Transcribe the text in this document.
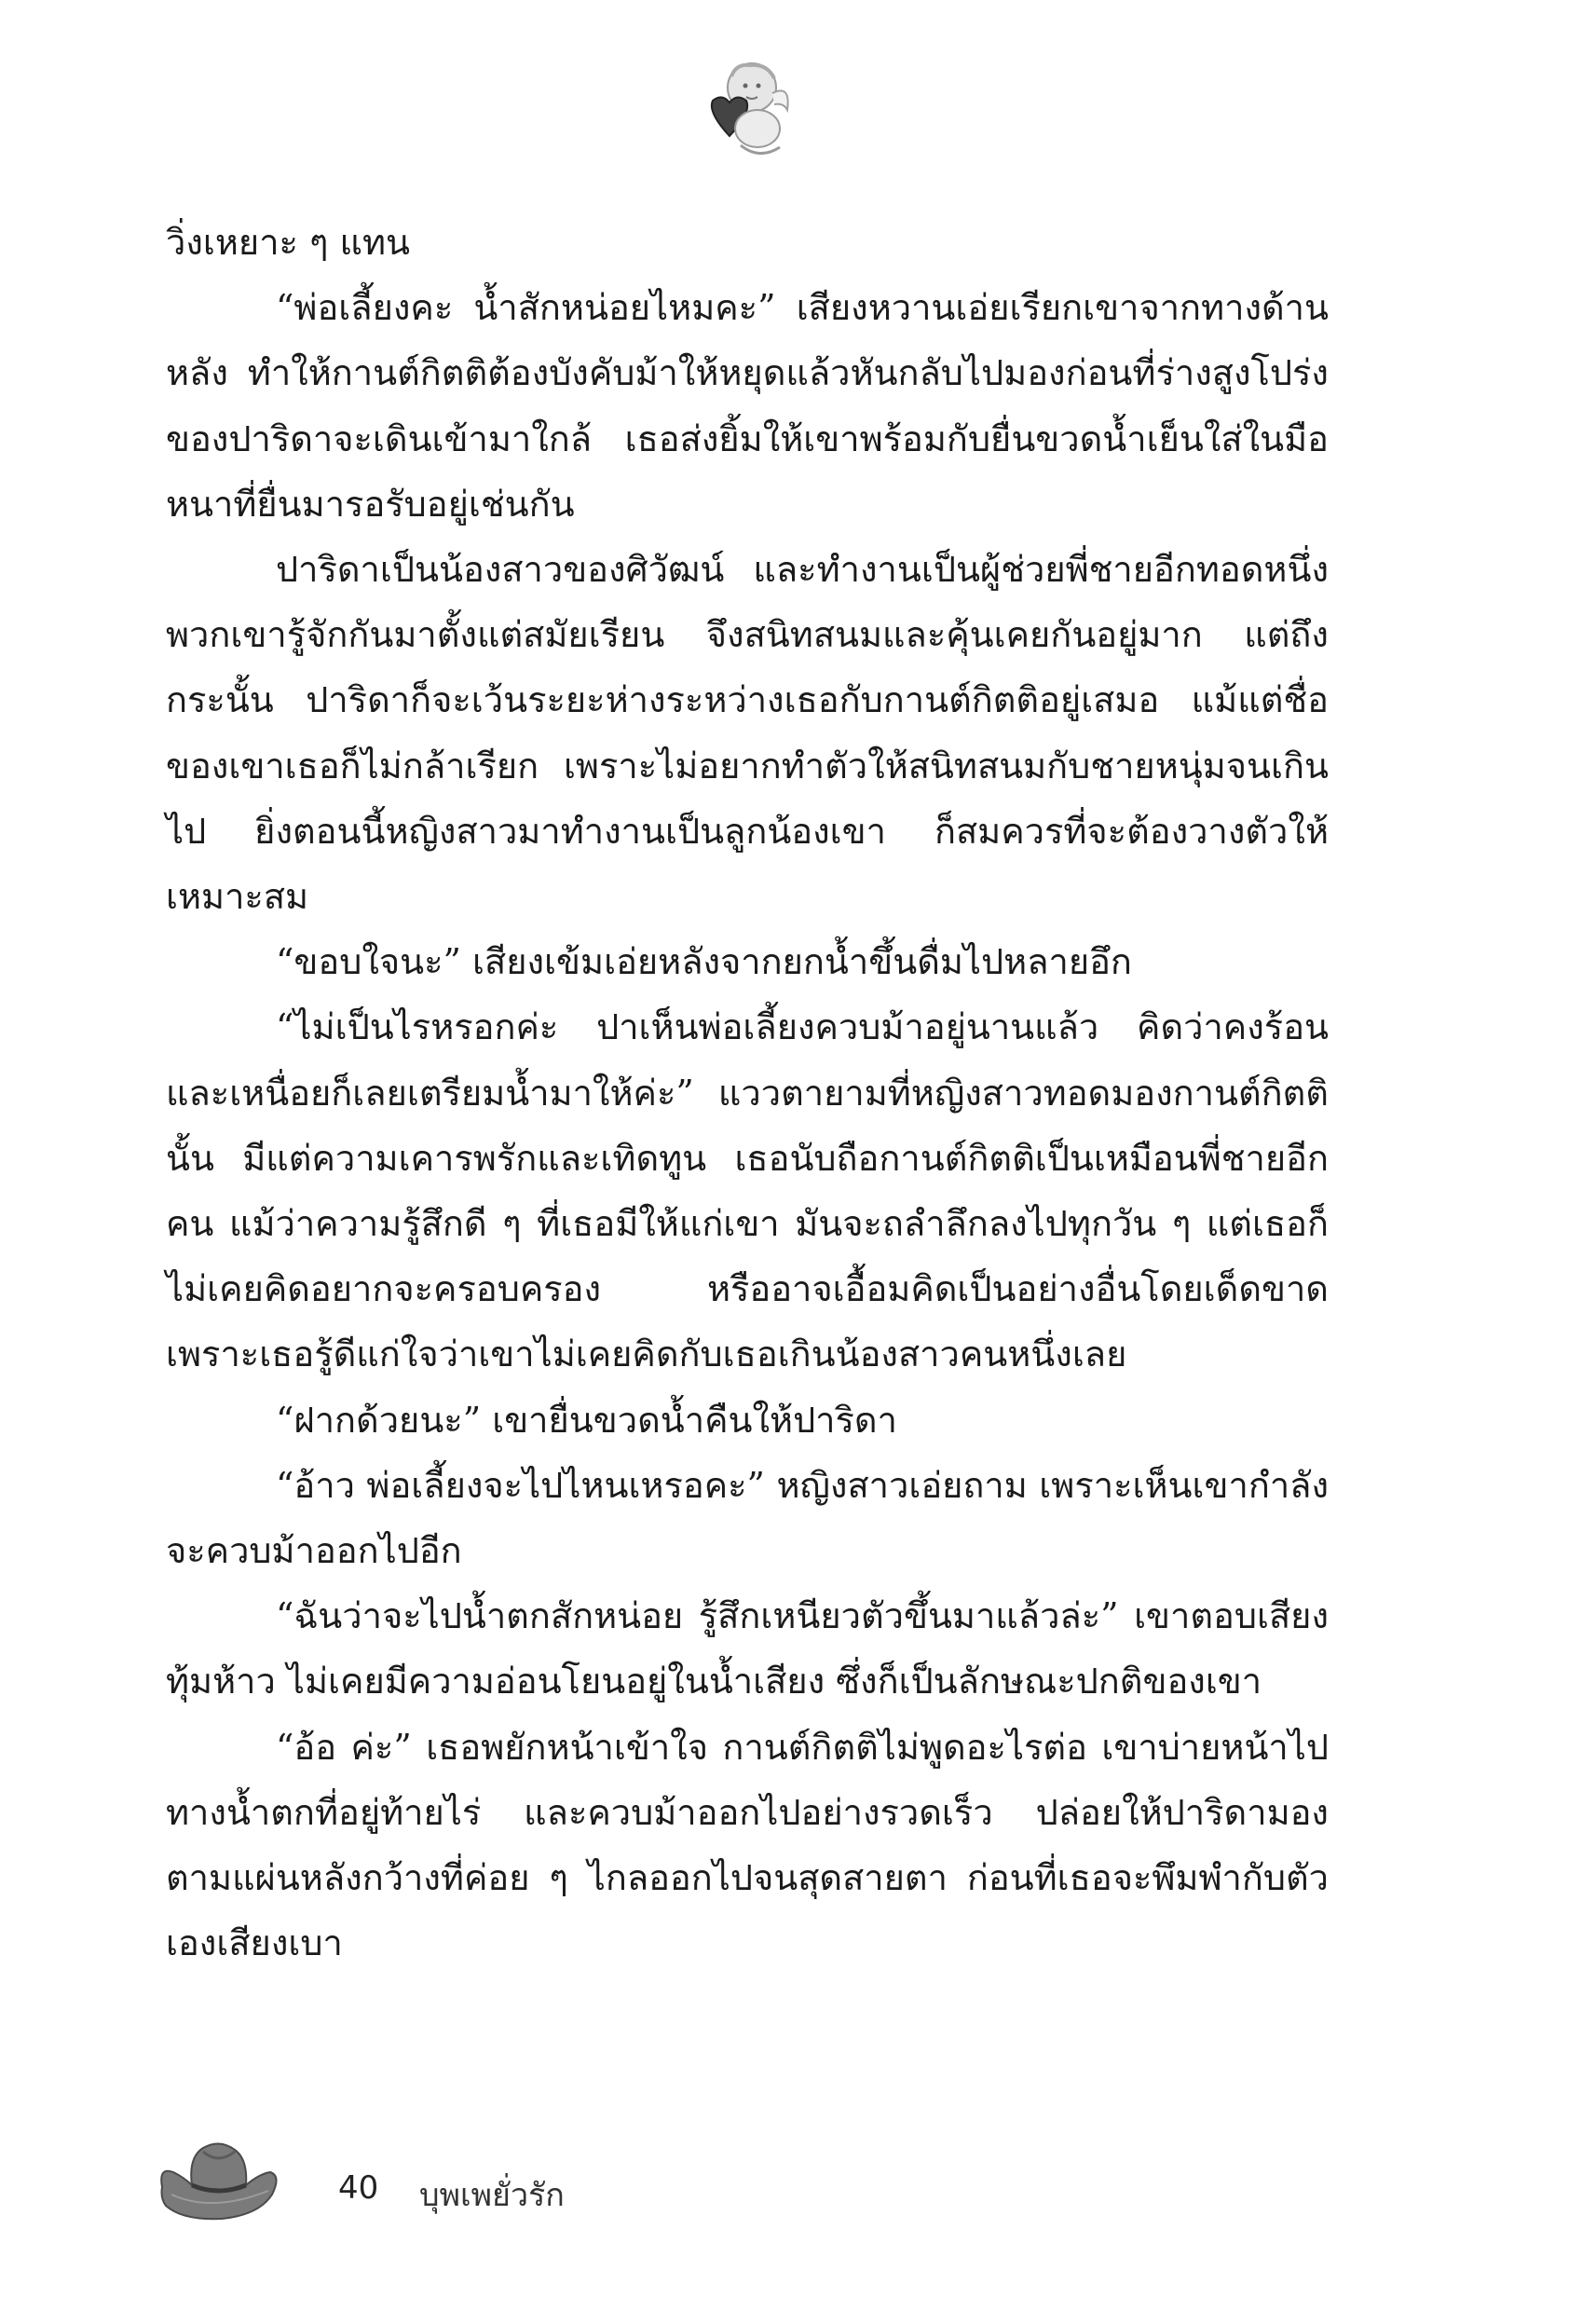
วิ่งเหยาะ ๆ แทน

“พ่อเลี้ยงคะ น้ำสักหน่อยไหมคะ” เสียงหวานเอ่ยเรียกเขาจากทางด้านหลัง ทำให้กานต์กิตติต้องบังคับม้าให้หยุดแล้วหันกลับไปมองก่อนที่ร่างสูงโปร่งของปาริดาจะเดินเข้ามาใกล้ เธอส่งยิ้มให้เขาพร้อมกับยื่นขวดน้ำเย็นใส่ในมือหนาที่ยื่นมารอรับอยู่เช่นกัน

ปาริดาเป็นน้องสาวของศิวัฒน์ และทำงานเป็นผู้ช่วยพี่ชายอีกทอดหนึ่ง พวกเขารู้จักกันมาตั้งแต่สมัยเรียน จึงสนิทสนมและคุ้นเคยกันอยู่มาก แต่ถึงกระนั้น ปาริดาก็จะเว้นระยะห่างระหว่างเธอกับกานต์กิตติอยู่เสมอ แม้แต่ชื่อของเขาเธอก็ไม่กล้าเรียก เพราะไม่อยากทำตัวให้สนิทสนมกับชายหนุ่มจนเกินไป ยิ่งตอนนี้หญิงสาวมาทำงานเป็นลูกน้องเขา ก็สมควรที่จะต้องวางตัวให้เหมาะสม

“ขอบใจนะ” เสียงเข้มเอ่ยหลังจากยกน้ำขึ้นดื่มไปหลายอึก

“ไม่เป็นไรหรอกค่ะ ปาเห็นพ่อเลี้ยงควบม้าอยู่นานแล้ว คิดว่าคงร้อนและเหนื่อยก็เลยเตรียมน้ำมาให้ค่ะ” แววตายามที่หญิงสาวทอดมองกานต์กิตตินั้น มีแต่ความเคารพรักและเทิดทูน เธอนับถือกานต์กิตติเป็นเหมือนพี่ชายอีกคน แม้ว่าความรู้สึกดี ๆ ที่เธอมีให้แก่เขา มันจะถลำลึกลงไปทุกวัน ๆ แต่เธอก็ไม่เคยคิดอยากจะครอบครอง หรืออาจเอื้อมคิดเป็นอย่างอื่นโดยเด็ดขาด เพราะเธอรู้ดีแก่ใจว่าเขาไม่เคยคิดกับเธอเกินน้องสาวคนหนึ่งเลย

“ฝากด้วยนะ” เขายื่นขวดน้ำคืนให้ปาริดา

“อ้าว พ่อเลี้ยงจะไปไหนเหรอคะ” หญิงสาวเอ่ยถาม เพราะเห็นเขากำลังจะควบม้าออกไปอีก

“ฉันว่าจะไปน้ำตกสักหน่อย รู้สึกเหนียวตัวขึ้นมาแล้วล่ะ” เขาตอบเสียงทุ้มห้าว ไม่เคยมีความอ่อนโยนอยู่ในน้ำเสียง ซึ่งก็เป็นลักษณะปกติของเขา

“อ้อ ค่ะ” เธอพยักหน้าเข้าใจ กานต์กิตติไม่พูดอะไรต่อ เขาบ่ายหน้าไปทางน้ำตกที่อยู่ท้ายไร่ และควบม้าออกไปอย่างรวดเร็ว ปล่อยให้ปาริดามองตามแผ่นหลังกว้างที่ค่อย ๆ ไกลออกไปจนสุดสายตา ก่อนที่เธอจะพึมพำกับตัวเองเสียงเบา

40 บุพเพยั่วรัก
